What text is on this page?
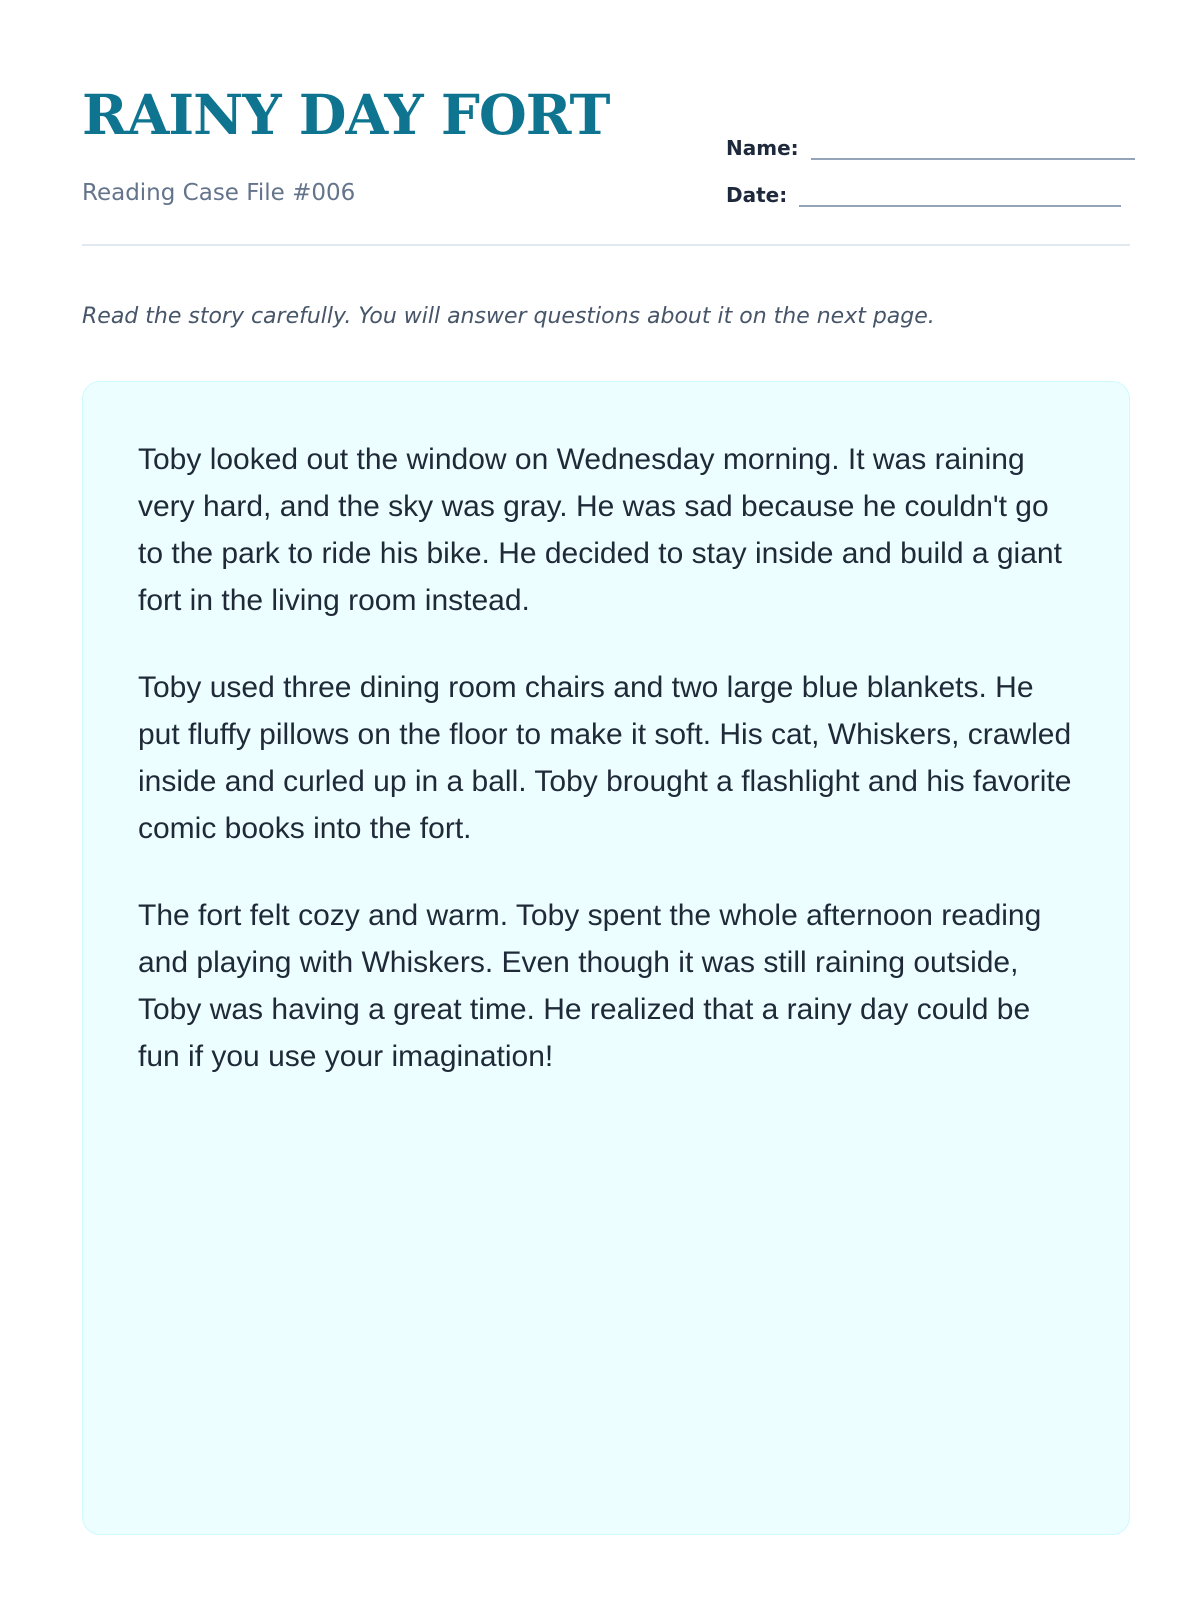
RAINY DAY FORT
Reading Case File #006
Name:
Date:

Read the story carefully. You will answer questions about it on the next page.

Toby looked out the window on Wednesday morning. It was raining very hard, and the sky was gray. He was sad because he couldn't go to the park to ride his bike. He decided to stay inside and build a giant fort in the living room instead.

Toby used three dining room chairs and two large blue blankets. He put fluffy pillows on the floor to make it soft. His cat, Whiskers, crawled inside and curled up in a ball. Toby brought a flashlight and his favorite comic books into the fort.

The fort felt cozy and warm. Toby spent the whole afternoon reading and playing with Whiskers. Even though it was still raining outside, Toby was having a great time. He realized that a rainy day could be fun if you use your imagination!
